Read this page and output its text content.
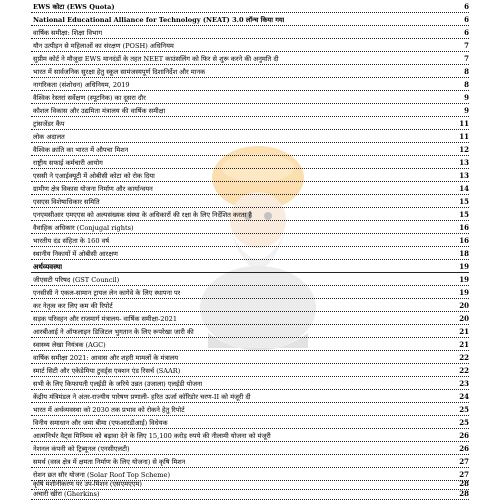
EWS कोटा (EWS Quota)	6
National Educational Alliance for Technology (NEAT) 3.0 लॉन्च किया गया	6
वार्षिक समीक्षा: शिक्षा विभाग	6
यौन उत्पीड़न से महिलाओं का संरक्षण (POSH) अधिनियम	7
सुप्रीम कोर्ट ने मौजूदा EWS मानदंडों के तहत NEET काउंसलिंग को फिर से शुरू करने की अनुमति दी	7
भारत में सार्वजनिक सुरक्षा हेतु स्कूल सामंजस्यपूर्ण दिशानिर्देश और मानक	8
नागरिकता (संशोधन) अधिनियम, 2019	8
वैश्विक रेस्तरां सर्वेक्षण (स्पूटनिक) का दूसरा दौर	9
कौशल विकास और उद्यमिता मंत्रालय की वार्षिक समीक्षा	9
ट्रांसजेंडर कैंप	11
लोक अदालत	11
वैश्विक क्रांति का भारत में औपचा मिशन	12
राष्ट्रीय सफाई कर्मचारी आयोग	13
एससी ने एआईक्यूटी में ओबीसी कोटा को रोक दिया	13
ग्रामीण क्षेत्र विकास योजना निर्माण और कार्यान्वयन	14
एसएस विशेषाधिकार समिति	15
एनएमसीआर एमएएस को अल्पसंख्यक संस्था के अधिकारों की रक्षा के लिए निर्देशित करता है	15
वैवाहिक अधिकार (Conjugal rights)	16
भारतीय दंड संहिता के 160 वर्ष	16
स्थानीय निकायों में ओबीसी आरक्षण	18
अर्थव्यवस्था	19
जीएसटी परिषद (GST Council)	19
एनसीसी ने एकल-सामान ट्रायल लेन कागेवे के लिए स्थापना पर	19
कर नेतृत्व कर लिए कम की रिपोर्ट	20
सड़क परिवहन और राजमार्ग मंत्रालय- वार्षिक समीक्षा-2021	20
आरबीआई ने ऑफलाइन डिजिटल भुगतान के लिए रूपरेखा जारी की	21
स्वास्थ्य लेखा नियंत्रक (AGC)	21
वार्षिक समीक्षा 2021: आवास और शहरी मामलों के मंत्रालय	22
स्मार्ट सिटी और एकेडेमिया टुवर्ड्स एक्शन एंड रिसर्च (SAAR)	22
सभी के लिए किफायती एलईडी के जरिये उन्नत (उजाला) एलईडी योजना	23
केंद्रीय मंत्रिमंडल ने अंतर-राज्यीय पारेषण प्रणाली- हरित ऊर्जा कॉरिडोर चरण-II को मंजूरी दी	24
भारत में अर्थव्यवस्था को 2030 तक प्रभाव को रोकने हेतु रिपोर्ट	25
विनीय समाधान और जमा बीमा (एफआरडीआई) विधेयक	25
आत्मनिर्भर वैट्स मिनिमम को बढ़ावा देने के लिए 15,100 करोड़ रुपये की नीलामी योजना को मंजूरी	26
नेशनल कंपनी को ट्रिब्यूनल (एनसीएलटी)	26
समर्थ (वस्त्र क्षेत्र में क्षमता निर्माण के लिए योजना) से कृषि मिशन	27
रोशन छत सौर योजना (Solar Roof Top Scheme)	27
कृषि मशीनीकरण पर उप-मिशन (एसएमएएम)	28
अचारी खीरा (Gherkins)	28
